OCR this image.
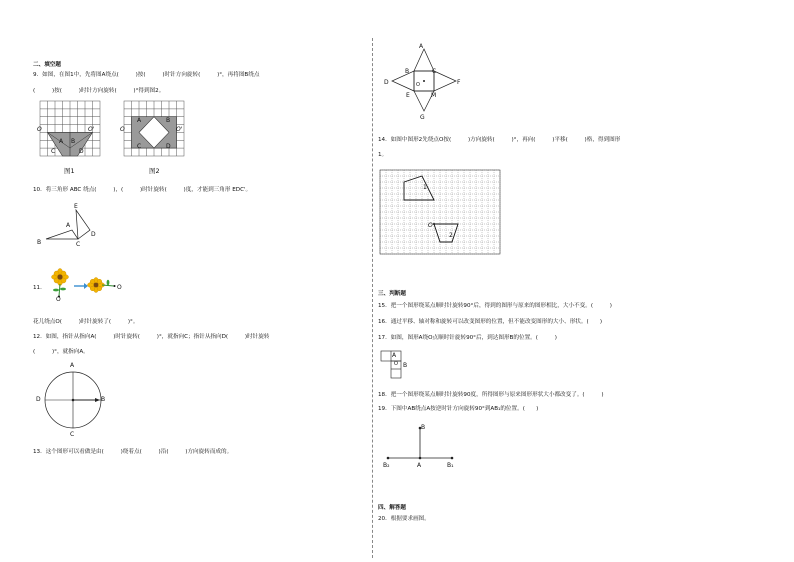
二、填空题
9．如图，在图1中，先将图A绕点(　　　)按(　　　)时针方向旋转(　　　)°，再将图B绕点
(　　　)按(　　　)时针方向旋转(　　　)°得到图2。
O	O'
A B
C	D
图1
O	O'
A	B
C	D
图2
10．将三角形 ABC 绕点(　　　)，(　　　)时针旋转(　　　)度，才能到三角形 EDC'。
B
A
C
D
E
11．
O
O
花儿绕点O(　　　)时针旋转了(　　　)°。
12．如图，指针从指向A(　　　)时针旋转(　　　)°，就指向C；指针从指向D(　　　)时针旋转
(　　　)°，就指向A。
A
D	B
C
13．这个图形可以看做是由(　　　)绕着点(　　　)沿(　　　)方向旋转而成的。
A
B	C
D	F
O
E	M
G
14．如图中图形2先绕点O按(　　　)方向旋转(　　　)°，再向(　　　)平移(　　　)格，得到图形
1。
1
2
O
三、判断题
15．把一个图形绕某点顺时针旋转90°后，得到的图形与原来的图形相比，大小不变。(　　　)
16．通过平移、轴对称和旋转可以改变图形的位置，但不能改变图形的大小、形状。(　　)
17．如图，图形A绕O点顺时针旋转90°后，到达图形B的位置。(　　　)
A
O B
18．把一个图形绕某点顺时针旋转90度，所得图形与原来图形形状大小都改变了。(　　　)
19．下图中AB绕点A按逆时针方向旋转90°到AB₁的位置。(　　)
B
B₂	A	B₁
四、解答题
20．根据要求画图。
